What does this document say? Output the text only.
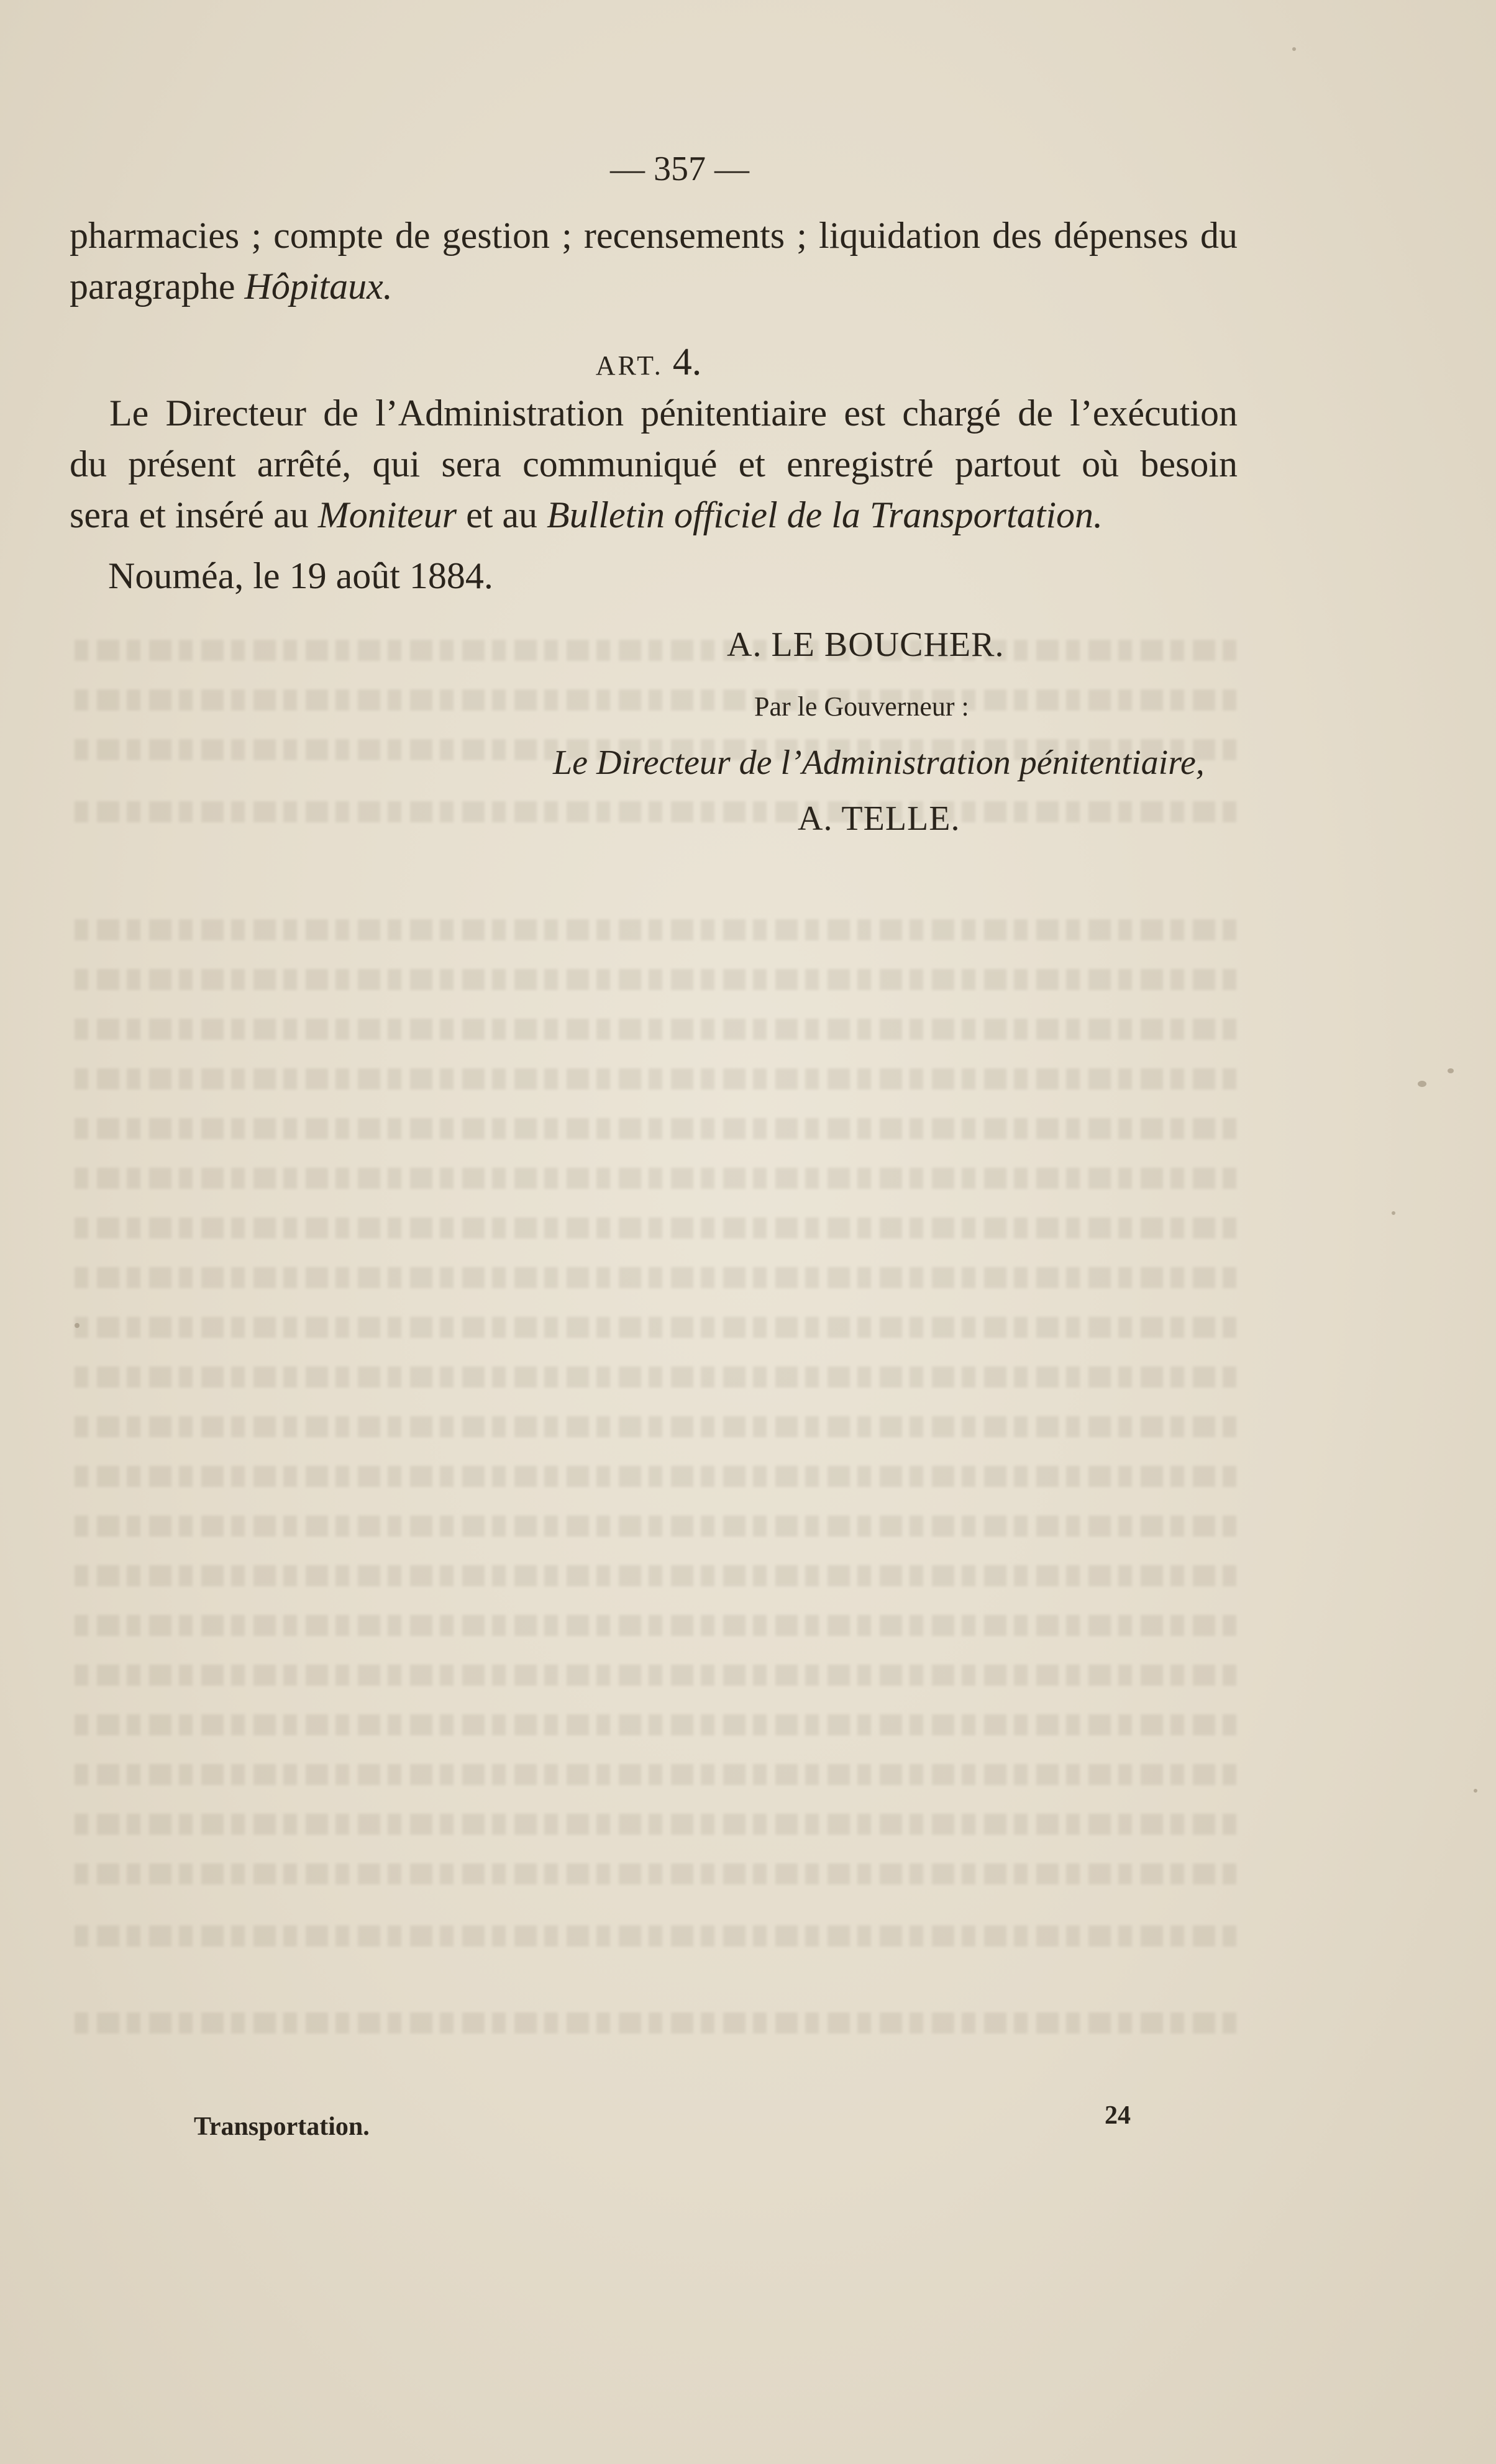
— 357 —
pharmacies ; compte de gestion ; recensements ; liquidation des dépenses du
paragraphe Hôpitaux.
ART. 4.
Le Directeur de l’Administration pénitentiaire est chargé de l’exécution
du présent arrêté, qui sera communiqué et enregistré partout où besoin
sera et inséré au Moniteur et au Bulletin officiel de la Transportation.
Nouméa, le 19 août 1884.
A. LE BOUCHER.
Par le Gouverneur :
Le Directeur de l’Administration pénitentiaire,
A. TELLE.
Transportation.	24
